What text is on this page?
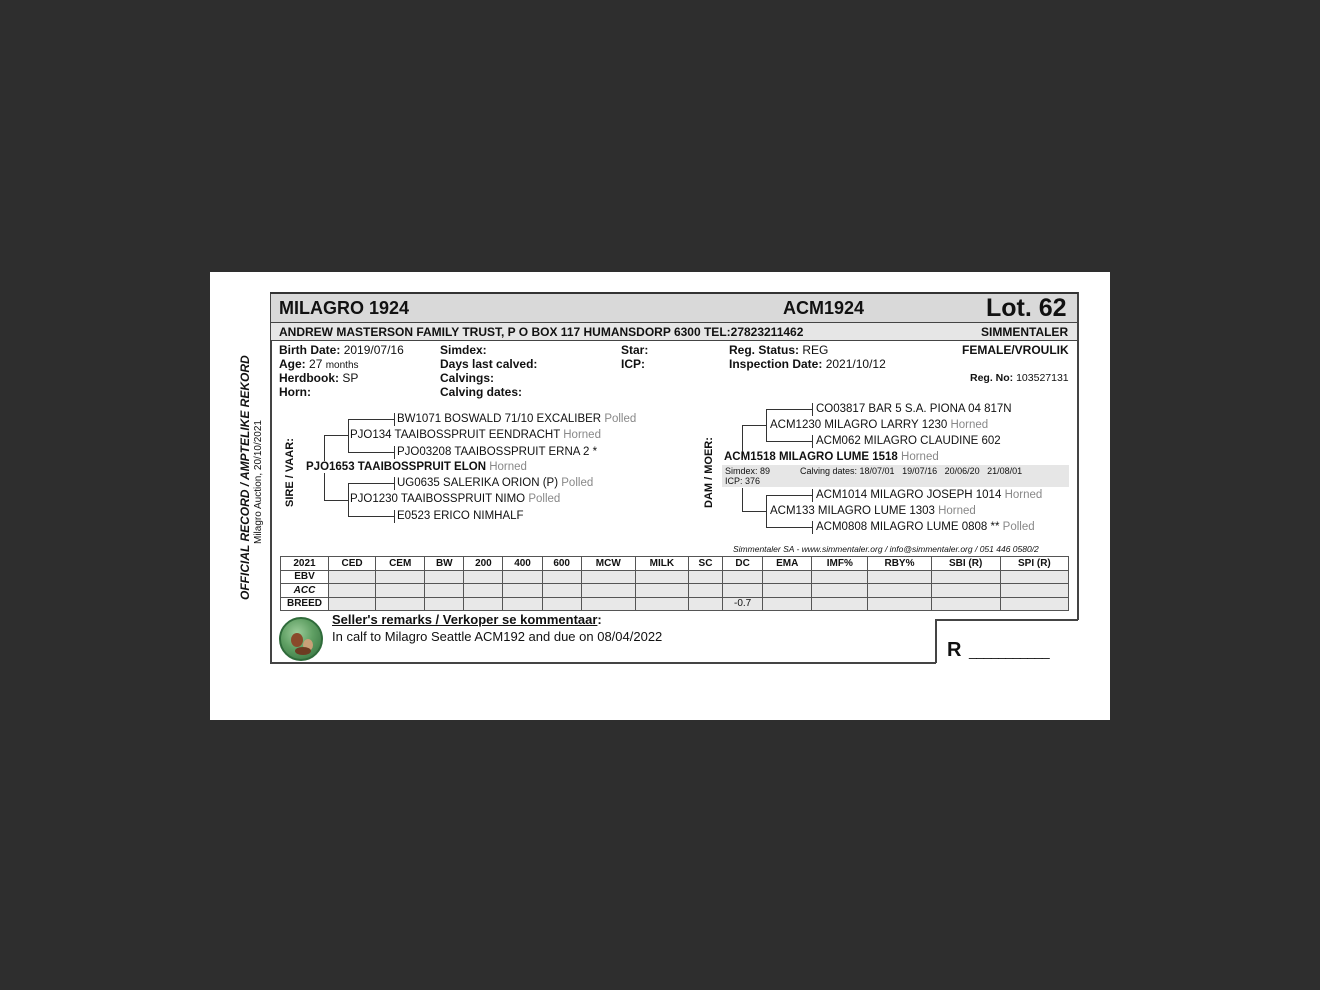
OFFICIAL RECORD / AMPTELIKE REKORD Milagro Auction, 20/10/2021
MILAGRO 1924	ACM1924	Lot. 62
ANDREW MASTERSON FAMILY TRUST, P O BOX 117 HUMANSDORP 6300 TEL:27823211462	SIMMENTALER
Birth Date: 2019/07/16
Age: 27 months
Herdbook: SP
Horn:
Simdex:
Days last calved:
Calvings:
Calving dates:
Star:
ICP:
Reg. Status: REG
Inspection Date: 2021/10/12
FEMALE/VROULIK
Reg. No: 103527131
SIRE / VAAR:
BW1071 BOSWALD 71/10 EXCALIBER Polled
PJO134 TAAIBOSSPRUIT EENDRACHT Horned
PJO03208 TAAIBOSSPRUIT ERNA 2 *
PJO1653 TAAIBOSSPRUIT ELON Horned
UG0635 SALERIKA ORION (P) Polled
PJO1230 TAAIBOSSPRUIT NIMO Polled
E0523 ERICO NIMHALF
DAM / MOER:
CO03817 BAR 5 S.A. PIONA 04 817N
ACM1230 MILAGRO LARRY 1230 Horned
ACM062 MILAGRO CLAUDINE 602
ACM1518 MILAGRO LUME 1518 Horned
Simdex: 89	Calving dates: 18/07/01   19/07/16   20/06/20   21/08/01
ICP: 376
ACM1014 MILAGRO JOSEPH 1014 Horned
ACM133 MILAGRO LUME 1303 Horned
ACM0808 MILAGRO LUME 0808 ** Polled
Simmentaler SA - www.simmentaler.org / info@simmentaler.org / 051 446 0580/2
2021	CED	CEM	BW	200	400	600	MCW	MILK	SC	DC	EMA	IMF%	RBY%	SBI (R)	SPI (R)
EBV															
ACC															
BREED										-0.7					
Seller's remarks / Verkoper se kommentaar:
In calf to Milagro Seattle ACM192 and due on 08/04/2022
R ___________
